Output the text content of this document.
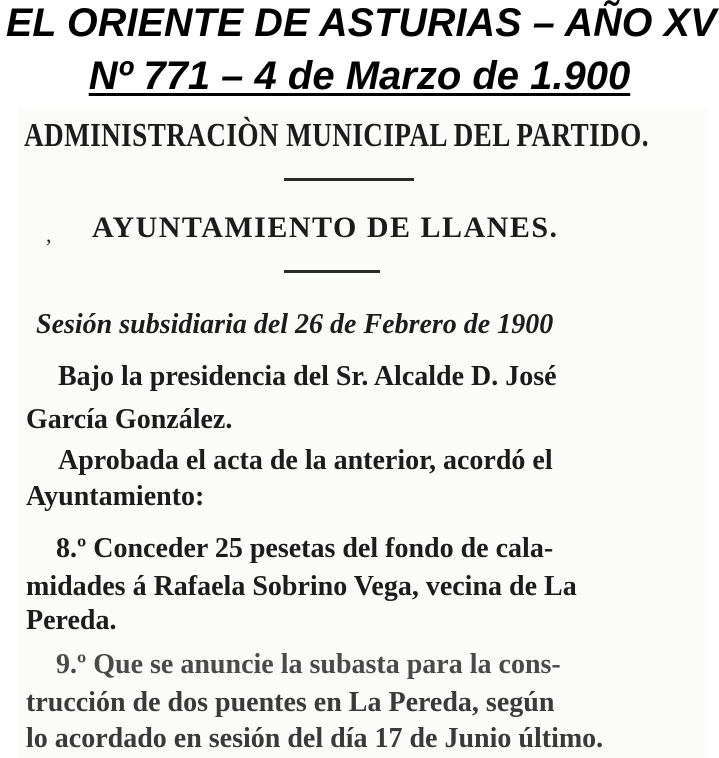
EL ORIENTE DE ASTURIAS – AÑO XV
Nº 771 – 4 de Marzo de 1.900
ADMINISTRACIÒN MUNICIPAL DEL PARTIDO.
, AYUNTAMIENTO DE LLANES.
Sesión subsidiaria del 26 de Febrero de 1900
Bajo la presidencia del Sr. Alcalde D. José
García González.
Aprobada el acta de la anterior, acordó el
Ayuntamiento:
8.º Conceder 25 pesetas del fondo de cala-
midades á Rafaela Sobrino Vega, vecina de La
Pereda.
9.º Que se anuncie la subasta para la cons-
trucción de dos puentes en La Pereda, según
lo acordado en sesión del día 17 de Junio último.
